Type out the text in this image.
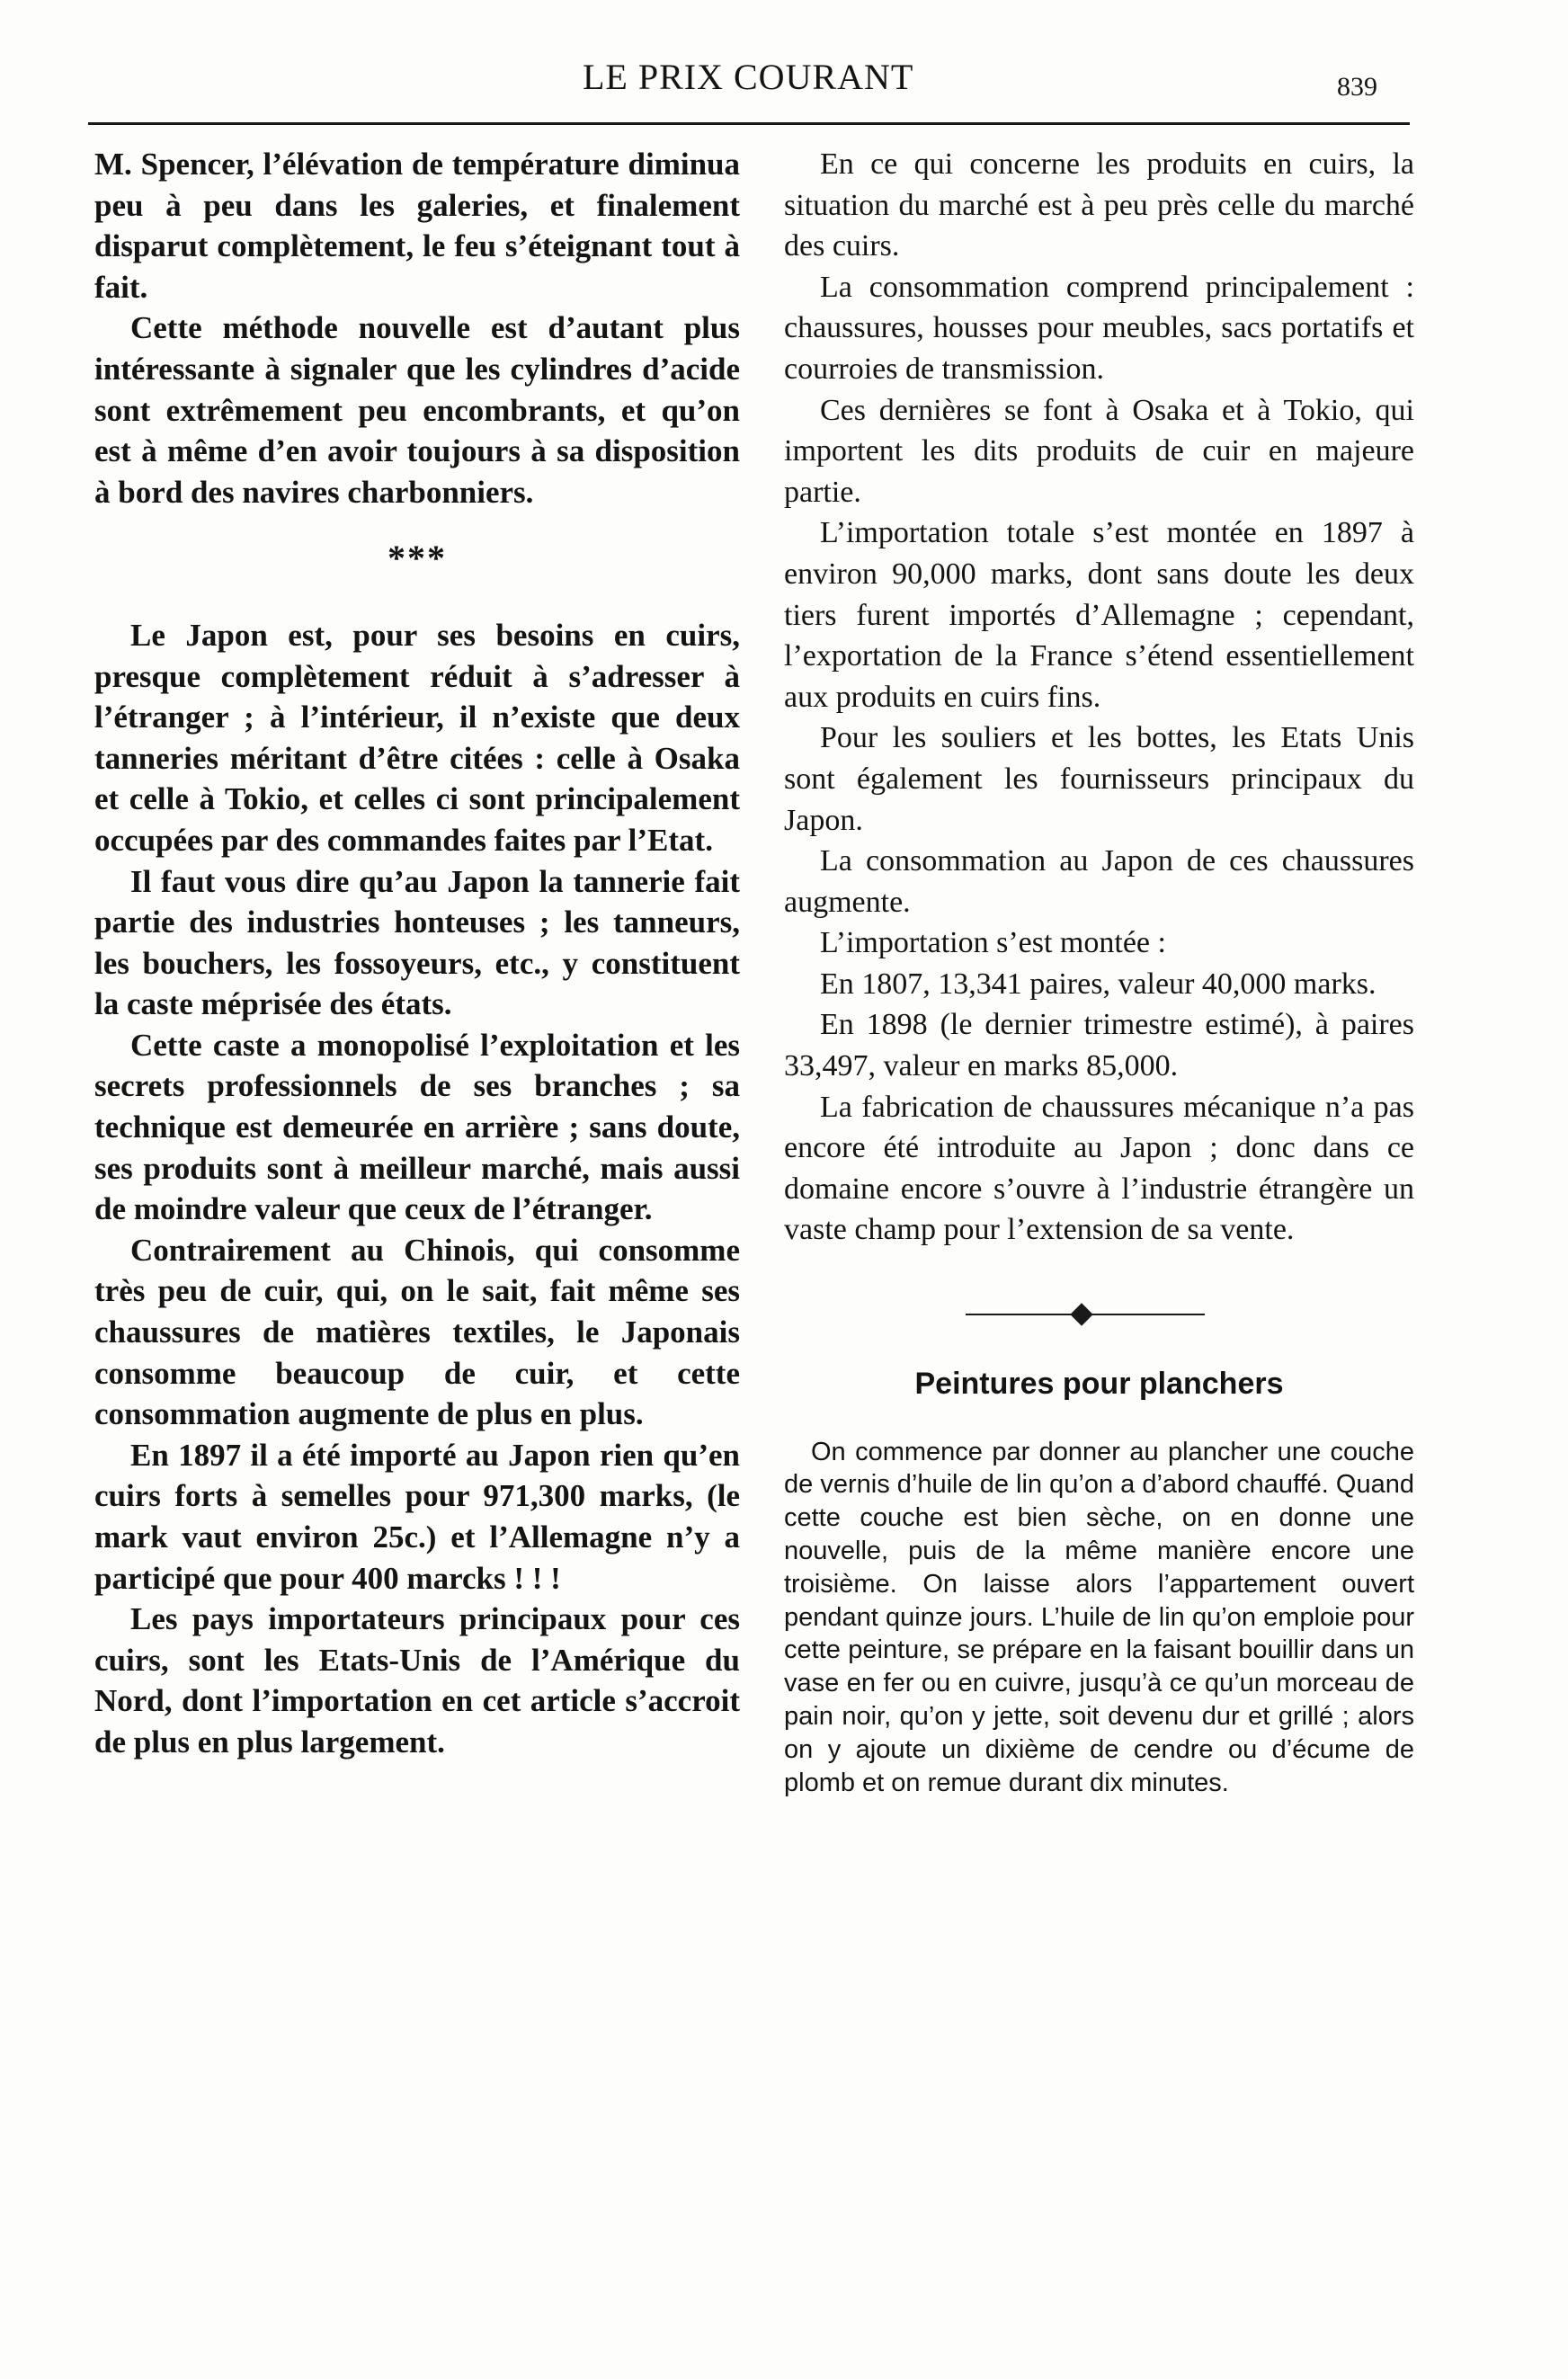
LE PRIX COURANT	839

M. Spencer, l’élévation de température diminua peu à peu dans les galeries, et finalement disparut complètement, le feu s’éteignant tout à fait.

Cette méthode nouvelle est d’autant plus intéressante à signaler que les cylindres d’acide sont extrêmement peu encombrants, et qu’on est à même d’en avoir toujours à sa disposition à bord des navires charbonniers.

***

Le Japon est, pour ses besoins en cuirs, presque complètement réduit à s’adresser à l’étranger ; à l’intérieur, il n’existe que deux tanneries méritant d’être citées : celle à Osaka et celle à Tokio, et celles ci sont principalement occupées par des commandes faites par l’Etat.

Il faut vous dire qu’au Japon la tannerie fait partie des industries honteuses ; les tanneurs, les bouchers, les fossoyeurs, etc., y constituent la caste méprisée des états.

Cette caste a monopolisé l’exploitation et les secrets professionnels de ses branches ; sa technique est demeurée en arrière ; sans doute, ses produits sont à meilleur marché, mais aussi de moindre valeur que ceux de l’étranger.

Contrairement au Chinois, qui consomme très peu de cuir, qui, on le sait, fait même ses chaussures de matières textiles, le Japonais consomme beaucoup de cuir, et cette consommation augmente de plus en plus.

En 1897 il a été importé au Japon rien qu’en cuirs forts à semelles pour 971,300 marks, (le mark vaut environ 25c.) et l’Allemagne n’y a participé que pour 400 marcks ! ! !

Les pays importateurs principaux pour ces cuirs, sont les Etats-Unis de l’Amérique du Nord, dont l’importation en cet article s’accroit de plus en plus largement.

En ce qui concerne les produits en cuirs, la situation du marché est à peu près celle du marché des cuirs.

La consommation comprend principalement : chaussures, housses pour meubles, sacs portatifs et courroies de transmission.

Ces dernières se font à Osaka et à Tokio, qui importent les dits produits de cuir en majeure partie.

L’importation totale s’est montée en 1897 à environ 90,000 marks, dont sans doute les deux tiers furent importés d’Allemagne ; cependant, l’exportation de la France s’étend essentiellement aux produits en cuirs fins.

Pour les souliers et les bottes, les Etats Unis sont également les fournisseurs principaux du Japon.

La consommation au Japon de ces chaussures augmente.

L’importation s’est montée :

En 1807, 13,341 paires, valeur 40,000 marks.

En 1898 (le dernier trimestre estimé), à paires 33,497, valeur en marks 85,000.

La fabrication de chaussures mécanique n’a pas encore été introduite au Japon ; donc dans ce domaine encore s’ouvre à l’industrie étrangère un vaste champ pour l’extension de sa vente.

Peintures pour planchers

On commence par donner au plancher une couche de vernis d’huile de lin qu’on a d’abord chauffé. Quand cette couche est bien sèche, on en donne une nouvelle, puis de la même manière encore une troisième. On laisse alors l’appartement ouvert pendant quinze jours. L’huile de lin qu’on emploie pour cette peinture, se prépare en la faisant bouillir dans un vase en fer ou en cuivre, jusqu’à ce qu’un morceau de pain noir, qu’on y jette, soit devenu dur et grillé ; alors on y ajoute un dixième de cendre ou d’écume de plomb et on remue durant dix minutes.
